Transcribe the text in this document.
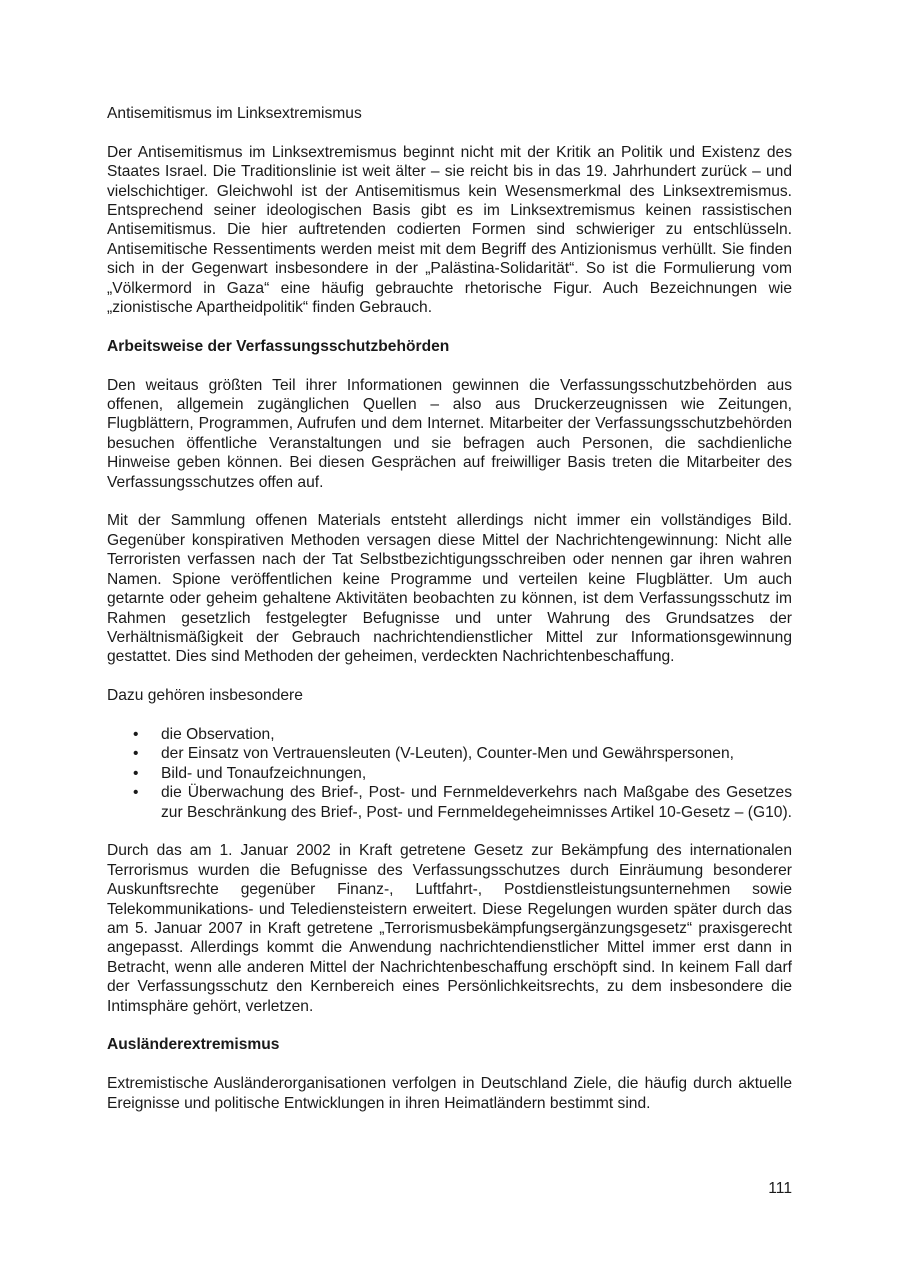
Antisemitismus im Linksextremismus

Der Antisemitismus im Linksextremismus beginnt nicht mit der Kritik an Politik und Existenz des Staates Israel. Die Traditionslinie ist weit älter – sie reicht bis in das 19. Jahrhundert zurück – und vielschichtiger. Gleichwohl ist der Antisemitismus kein Wesensmerkmal des Linksextremismus. Entsprechend seiner ideologischen Basis gibt es im Linksextremismus keinen rassistischen Antisemitismus. Die hier auftretenden codierten Formen sind schwieriger zu entschlüsseln. Antisemitische Ressentiments werden meist mit dem Begriff des Antizionismus verhüllt. Sie finden sich in der Gegenwart insbesondere in der „Palästina-Solidarität“. So ist die Formulierung vom „Völkermord in Gaza“ eine häufig gebrauchte rhetorische Figur. Auch Bezeichnungen wie „zionistische Apartheidpolitik“ finden Gebrauch.

Arbeitsweise der Verfassungsschutzbehörden

Den weitaus größten Teil ihrer Informationen gewinnen die Verfassungsschutzbehörden aus offenen, allgemein zugänglichen Quellen – also aus Druckerzeugnissen wie Zeitungen, Flugblättern, Programmen, Aufrufen und dem Internet. Mitarbeiter der Verfassungsschutzbehörden besuchen öffentliche Veranstaltungen und sie befragen auch Personen, die sachdienliche Hinweise geben können. Bei diesen Gesprächen auf freiwilliger Basis treten die Mitarbeiter des Verfassungsschutzes offen auf.

Mit der Sammlung offenen Materials entsteht allerdings nicht immer ein vollständiges Bild. Gegenüber konspirativen Methoden versagen diese Mittel der Nachrichtengewinnung: Nicht alle Terroristen verfassen nach der Tat Selbstbezichtigungsschreiben oder nennen gar ihren wahren Namen. Spione veröffentlichen keine Programme und verteilen keine Flugblätter. Um auch getarnte oder geheim gehaltene Aktivitäten beobachten zu können, ist dem Verfassungsschutz im Rahmen gesetzlich festgelegter Befugnisse und unter Wahrung des Grundsatzes der Verhältnismäßigkeit der Gebrauch nachrichtendienstlicher Mittel zur Informationsgewinnung gestattet. Dies sind Methoden der geheimen, verdeckten Nachrichtenbeschaffung.

Dazu gehören insbesondere

• die Observation,
• der Einsatz von Vertrauensleuten (V-Leuten), Counter-Men und Gewährspersonen,
• Bild- und Tonaufzeichnungen,
• die Überwachung des Brief-, Post- und Fernmeldeverkehrs nach Maßgabe des Gesetzes zur Beschränkung des Brief-, Post- und Fernmeldegeheimnisses Artikel 10-Gesetz – (G10).

Durch das am 1. Januar 2002 in Kraft getretene Gesetz zur Bekämpfung des internationalen Terrorismus wurden die Befugnisse des Verfassungsschutzes durch Einräumung besonderer Auskunftsrechte gegenüber Finanz-, Luftfahrt-, Postdienstleistungsunternehmen sowie Telekommunikations- und Telediensteistern erweitert. Diese Regelungen wurden später durch das am 5. Januar 2007 in Kraft getretene „Terrorismusbekämpfungsergänzungsgesetz“ praxisgerecht angepasst. Allerdings kommt die Anwendung nachrichtendienstlicher Mittel immer erst dann in Betracht, wenn alle anderen Mittel der Nachrichtenbeschaffung erschöpft sind. In keinem Fall darf der Verfassungsschutz den Kernbereich eines Persönlichkeitsrechts, zu dem insbesondere die Intimsphäre gehört, verletzen.

Ausländerextremismus

Extremistische Ausländerorganisationen verfolgen in Deutschland Ziele, die häufig durch aktuelle Ereignisse und politische Entwicklungen in ihren Heimatländern bestimmt sind.

111
